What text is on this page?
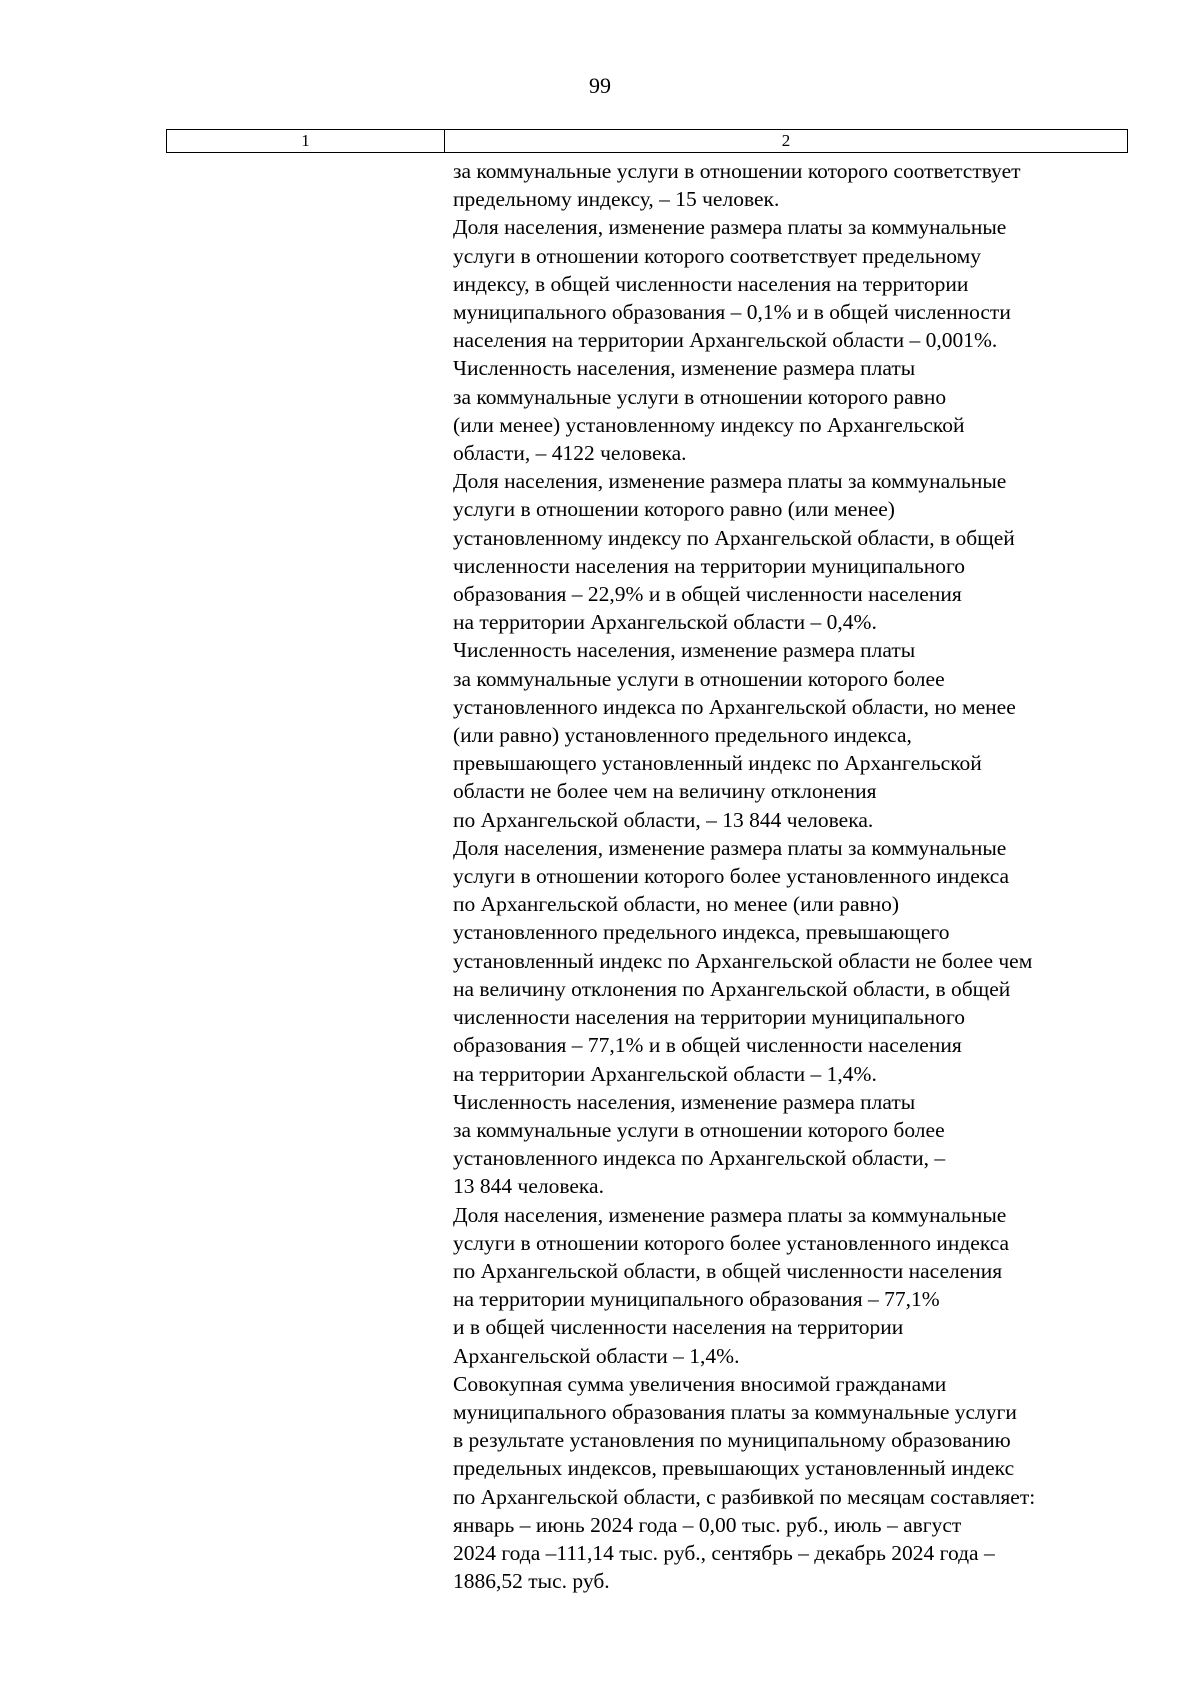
99
1	2
за коммунальные услуги в отношении которого соответствует
предельному индексу, – 15 человек.
Доля населения, изменение размера платы за коммунальные
услуги в отношении которого соответствует предельному
индексу, в общей численности населения на территории
муниципального образования – 0,1% и в общей численности
населения на территории Архангельской области – 0,001%.
Численность населения, изменение размера платы
за коммунальные услуги в отношении которого равно
(или менее) установленному индексу по Архангельской
области, – 4122 человека.
Доля населения, изменение размера платы за коммунальные
услуги в отношении которого равно (или менее)
установленному индексу по Архангельской области, в общей
численности населения на территории муниципального
образования – 22,9% и в общей численности населения
на территории Архангельской области – 0,4%.
Численность населения, изменение размера платы
за коммунальные услуги в отношении которого более
установленного индекса по Архангельской области, но менее
(или равно) установленного предельного индекса,
превышающего установленный индекс по Архангельской
области не более чем на величину отклонения
по Архангельской области, – 13 844 человека.
Доля населения, изменение размера платы за коммунальные
услуги в отношении которого более установленного индекса
по Архангельской области, но менее (или равно)
установленного предельного индекса, превышающего
установленный индекс по Архангельской области не более чем
на величину отклонения по Архангельской области, в общей
численности населения на территории муниципального
образования – 77,1% и в общей численности населения
на территории Архангельской области – 1,4%.
Численность населения, изменение размера платы
за коммунальные услуги в отношении которого более
установленного индекса по Архангельской области, –
13 844 человека.
Доля населения, изменение размера платы за коммунальные
услуги в отношении которого более установленного индекса
по Архангельской области, в общей численности населения
на территории муниципального образования – 77,1%
и в общей численности населения на территории
Архангельской области – 1,4%.
Совокупная сумма увеличения вносимой гражданами
муниципального образования платы за коммунальные услуги
в результате установления по муниципальному образованию
предельных индексов, превышающих установленный индекс
по Архангельской области, с разбивкой по месяцам составляет:
январь – июнь 2024 года – 0,00 тыс. руб., июль – август
2024 года –111,14 тыс. руб., сентябрь – декабрь 2024 года –
1886,52 тыс. руб.
